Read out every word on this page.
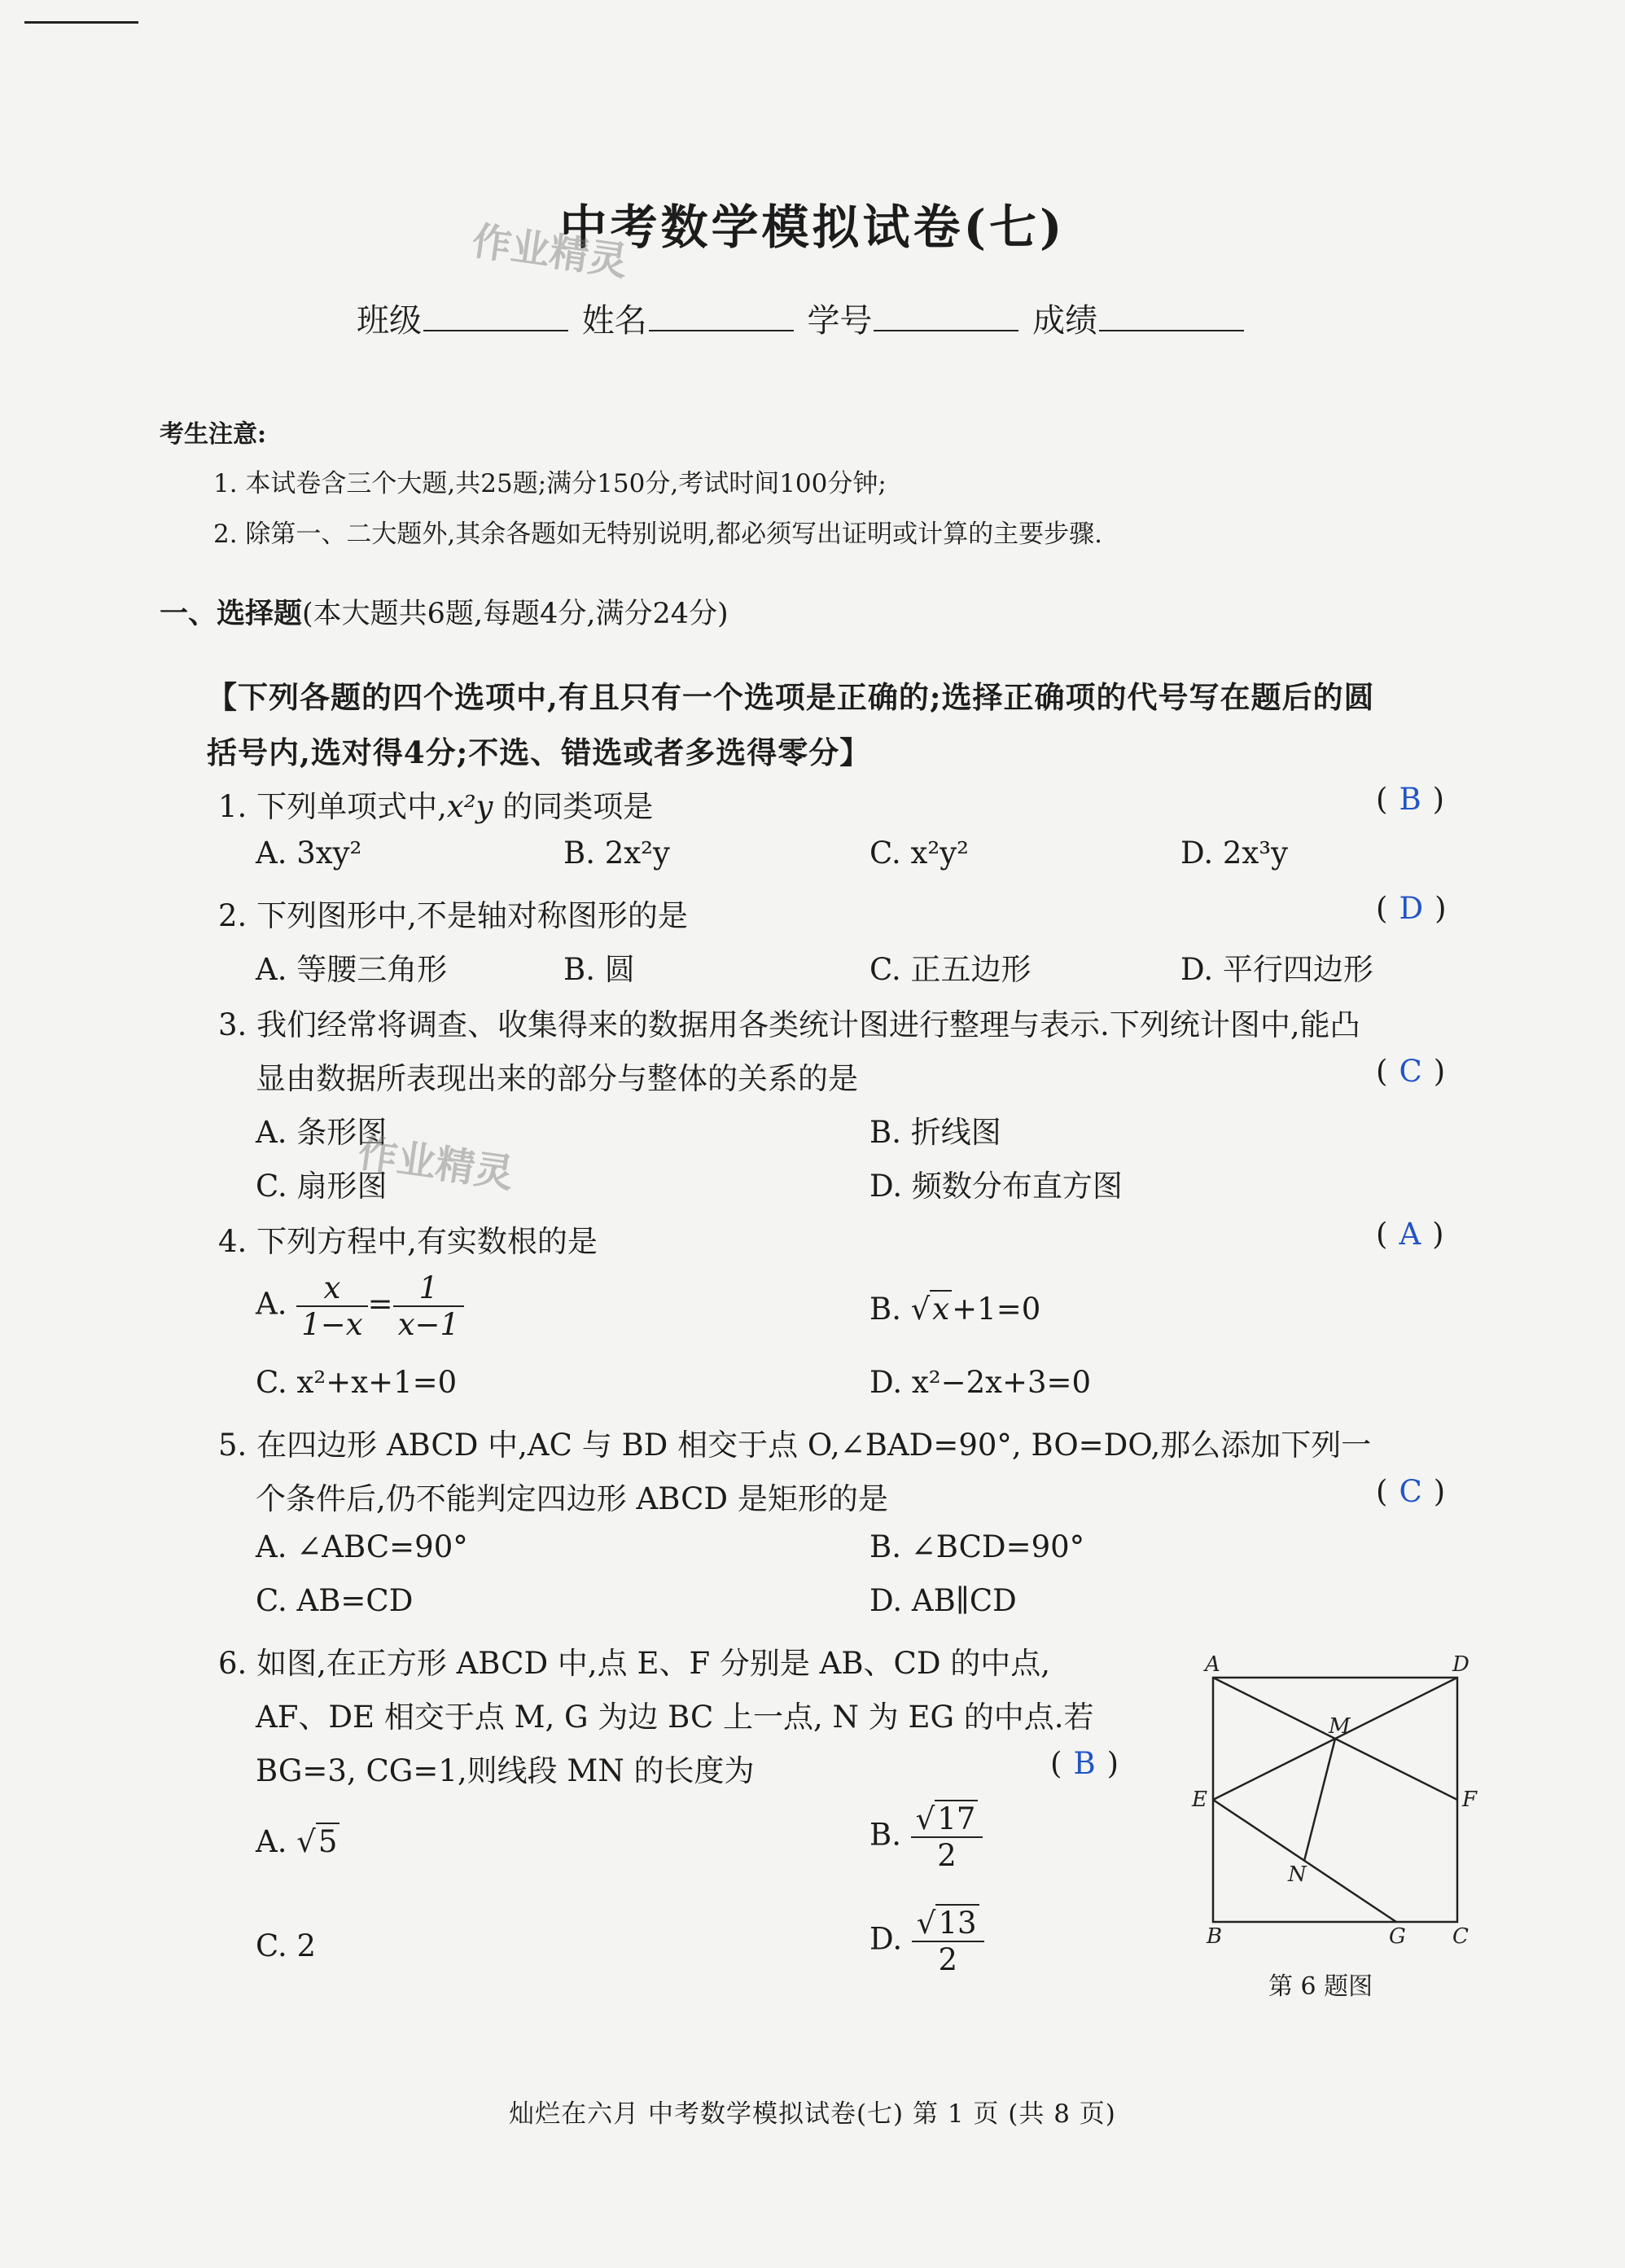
中考数学模拟试卷(七)
作业精灵
班级	姓名	学号	成绩
考生注意:
1. 本试卷含三个大题,共25题;满分150分,考试时间100分钟;
2. 除第一、二大题外,其余各题如无特别说明,都必须写出证明或计算的主要步骤.
一、选择题(本大题共6题,每题4分,满分24分)
【下列各题的四个选项中,有且只有一个选项是正确的;选择正确项的代号写在题后的圆
括号内,选对得4分;不选、错选或者多选得零分】
1. 下列单项式中,x²y 的同类项是	( B )
A. 3xy²	B. 2x²y	C. x²y²	D. 2x³y
2. 下列图形中,不是轴对称图形的是	( D )
A. 等腰三角形	B. 圆	C. 正五边形	D. 平行四边形
3. 我们经常将调查、收集得来的数据用各类统计图进行整理与表示.下列统计图中,能凸
显由数据所表现出来的部分与整体的关系的是	( C )
A. 条形图	B. 折线图
C. 扇形图	D. 频数分布直方图
作业精灵
4. 下列方程中,有实数根的是	( A )
A. $\frac{x}{1-x} = \frac{1}{x-1}$	B. √x+1=0
C. x²+x+1=0	D. x²−2x+3=0
5. 在四边形 ABCD 中,AC 与 BD 相交于点 O,∠BAD=90°, BO=DO,那么添加下列一
个条件后,仍不能判定四边形 ABCD 是矩形的是	( C )
A. ∠ABC=90°	B. ∠BCD=90°
C. AB=CD	D. AB∥CD
6. 如图,在正方形 ABCD 中,点 E、F 分别是 AB、CD 的中点,
AF、DE 相交于点 M, G 为边 BC 上一点, N 为 EG 的中点.若
BG=3, CG=1,则线段 MN 的长度为	( B )
A. √5	B. $\frac{√17}{2}$
C. 2	D. $\frac{√13}{2}$
A	D
M
E	F
N
B	G C
第 6 题图
灿烂在六月 中考数学模拟试卷(七) 第 1 页 (共 8 页)
